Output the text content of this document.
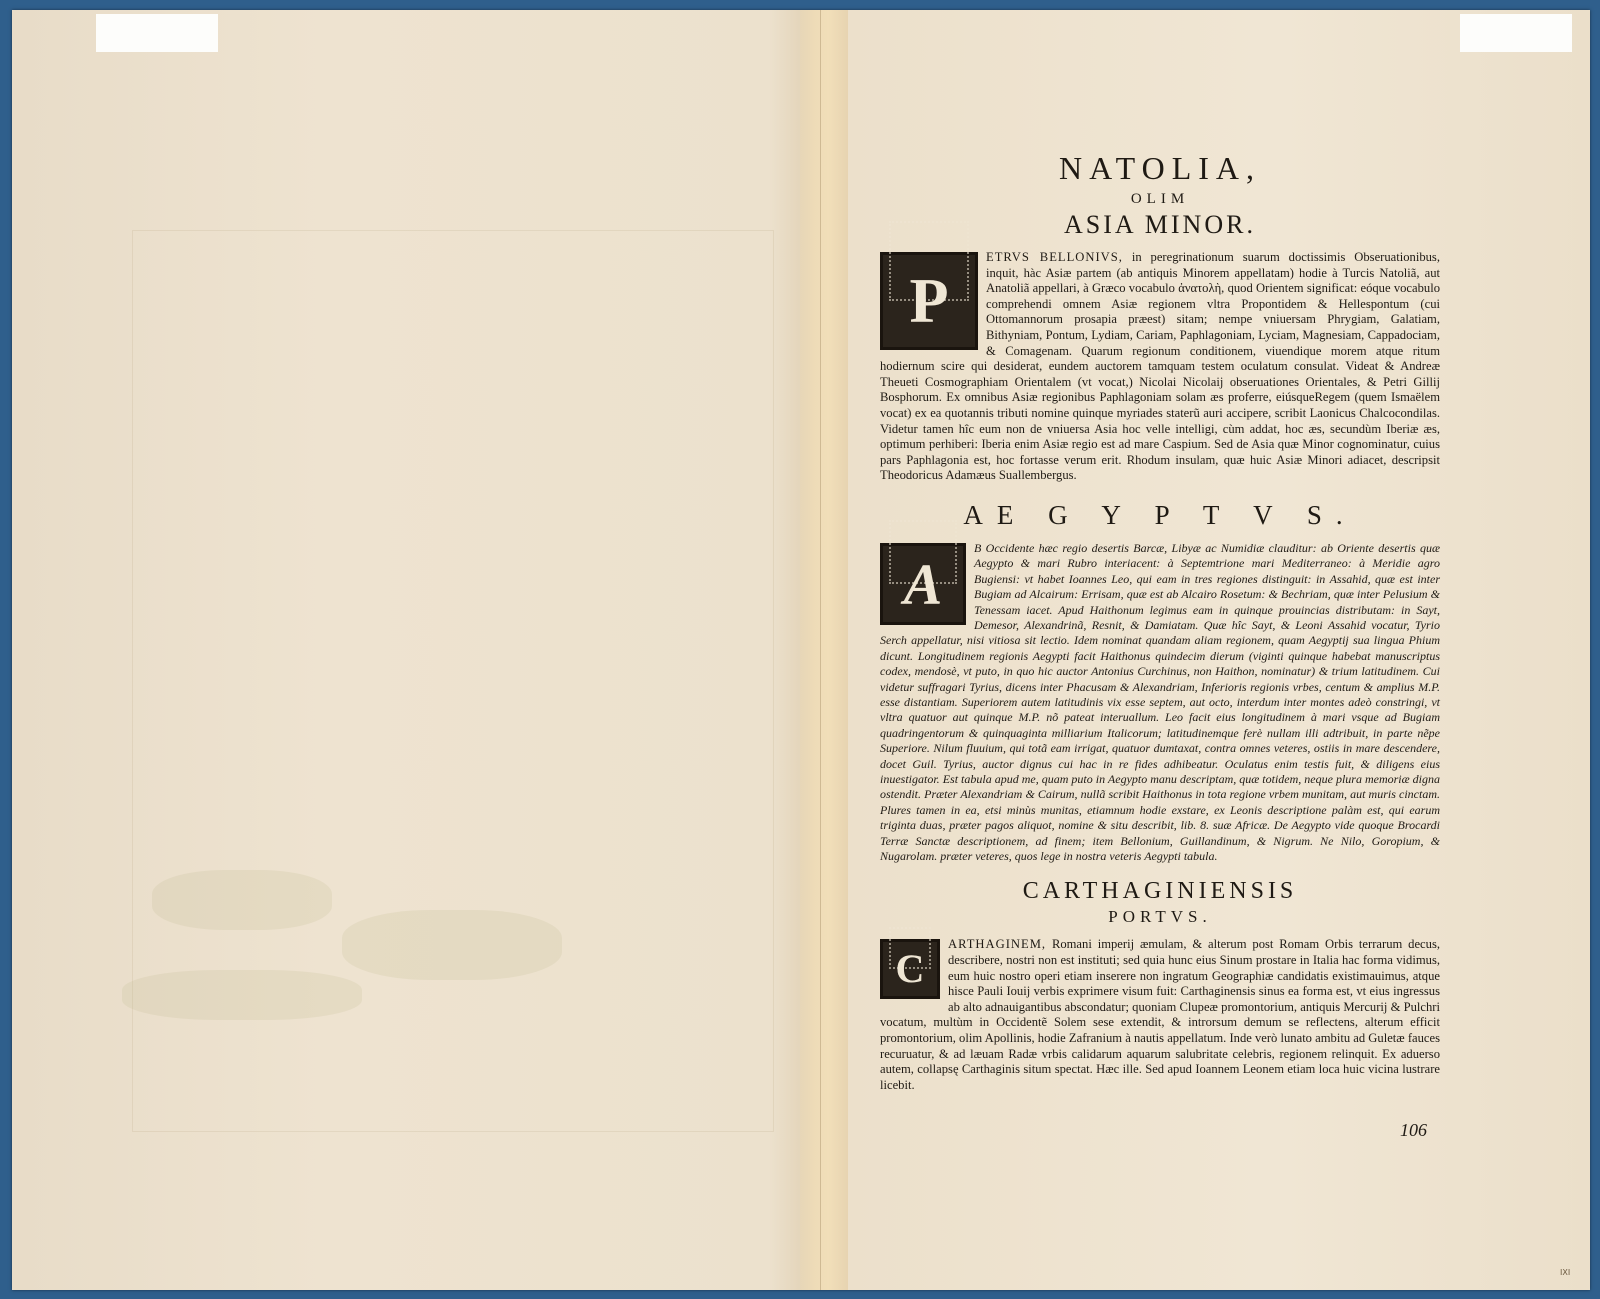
NATOLIA,
OLIM
ASIA MINOR.

P
ETRVS BELLONIVS, in peregrinationum suarum doctissimis Obseruationibus, inquit, hàc Asiæ partem (ab antiquis Minorem appellatam) hodie à Turcis Natoliã, aut Anatoliã appellari, à Græco vocabulo ἀνατολὴ, quod Orientem significat: eóque vocabulo comprehendi omnem Asiæ regionem vltra Propontidem & Hellespontum (cui Ottomannorum prosapia præest) sitam; nempe vniuersam Phrygiam, Galatiam, Bithyniam, Pontum, Lydiam, Cariam, Paphlagoniam, Lyciam, Magnesiam, Cappadociam, & Comagenam. Quarum regionum conditionem, viuendique morem atque ritum hodiernum scire qui desiderat, eundem auctorem tamquam testem oculatum consulat. Videat & Andreæ Theueti Cosmographiam Orientalem (vt vocat,) Nicolai Nicolaij obseruationes Orientales, & Petri Gillij Bosphorum. Ex omnibus Asiæ regionibus Paphlagoniam solam æs proferre, eiúsqueRegem (quem Ismaëlem vocat) ex ea quotannis tributi nomine quinque myriades staterũ auri accipere, scribit Laonicus Chalcocondilas. Videtur tamen hîc eum non de vniuersa Asia hoc velle intelligi, cùm addat, hoc æs, secundùm Iberiæ æs, optimum perhiberi: Iberia enim Asiæ regio est ad mare Caspium. Sed de Asia quæ Minor cognominatur, cuius pars Paphlagonia est, hoc fortasse verum erit. Rhodum insulam, quæ huic Asiæ Minori adiacet, descripsit Theodoricus Adamæus Suallembergus.

AE G Y P T V S.

A
B Occidente hæc regio desertis Barcæ, Libyæ ac Numidiæ clauditur: ab Oriente desertis quæ Aegypto & mari Rubro interiacent: à Septemtrione mari Mediterraneo: à Meridie agro Bugiensi: vt habet Ioannes Leo, qui eam in tres regiones distinguit: in Assahid, quæ est inter Bugiam ad Alcairum: Errisam, quæ est ab Alcairo Rosetum: & Bechriam, quæ inter Pelusium & Tenessam iacet. Apud Haithonum legimus eam in quinque prouincias distributam: in Sayt, Demesor, Alexandrinã, Resnit, & Damiatam. Quæ hîc Sayt, & Leoni Assahid vocatur, Tyrio Serch appellatur, nisi vitiosa sit lectio. Idem nominat quandam aliam regionem, quam Aegyptij sua lingua Phium dicunt. Longitudinem regionis Aegypti facit Haithonus quindecim dierum (viginti quinque habebat manuscriptus codex, mendosè, vt puto, in quo hic auctor Antonius Curchinus, non Haithon, nominatur) & trium latitudinem. Cui videtur suffragari Tyrius, dicens inter Phacusam & Alexandriam, Inferioris regionis vrbes, centum & amplius M.P. esse distantiam. Superiorem autem latitudinis vix esse septem, aut octo, interdum inter montes adeò constringi, vt vltra quatuor aut quinque M.P. nõ pateat interuallum. Leo facit eius longitudinem à mari vsque ad Bugiam quadringentorum & quinquaginta milliarium Italicorum; latitudinemque ferè nullam illi adtribuit, in parte nẽpe Superiore. Nilum fluuium, qui totã eam irrigat, quatuor dumtaxat, contra omnes veteres, ostiis in mare descendere, docet Guil. Tyrius, auctor dignus cui hac in re fides adhibeatur. Oculatus enim testis fuit, & diligens eius inuestigator. Est tabula apud me, quam puto in Aegypto manu descriptam, quæ totidem, neque plura memoriæ digna ostendit. Præter Alexandriam & Cairum, nullã scribit Haithonus in tota regione vrbem munitam, aut muris cinctam. Plures tamen in ea, etsi minùs munitas, etiamnum hodie exstare, ex Leonis descriptione palàm est, qui earum triginta duas, præter pagos aliquot, nomine & situ describit, lib. 8. suæ Africæ. De Aegypto vide quoque Brocardi Terræ Sanctæ descriptionem, ad finem; item Bellonium, Guillandinum, & Nigrum. Ne Nilo, Goropium, & Nugarolam. præter veteres, quos lege in nostra veteris Aegypti tabula.

CARTHAGINIENSIS
PORTVS.

C
ARTHAGINEM, Romani imperij æmulam, & alterum post Romam Orbis terrarum decus, describere, nostri non est instituti; sed quia hunc eius Sinum prostare in Italia hac forma vidimus, eum huic nostro operi etiam inserere non ingratum Geographiæ candidatis existimauimus, atque hisce Pauli Iouij verbis exprimere visum fuit: Carthaginensis sinus ea forma est, vt eius ingressus ab alto adnauigantibus abscondatur; quoniam Clupeæ promontorium, antiquis Mercurij & Pulchri vocatum, multùm in Occidentẽ Solem sese extendit, & introrsum demum se reflectens, alterum efficit promontorium, olim Apollinis, hodie Zafranium à nautis appellatum. Inde verò lunato ambitu ad Guletæ fauces recuruatur, & ad læuam Radæ vrbis calidarum aquarum salubritate celebris, regionem relinquit. Ex aduerso autem, collapsę Carthaginis situm spectat. Hæc ille. Sed apud Ioannem Leonem etiam loca huic vicina lustrare licebit.

106
IXI
